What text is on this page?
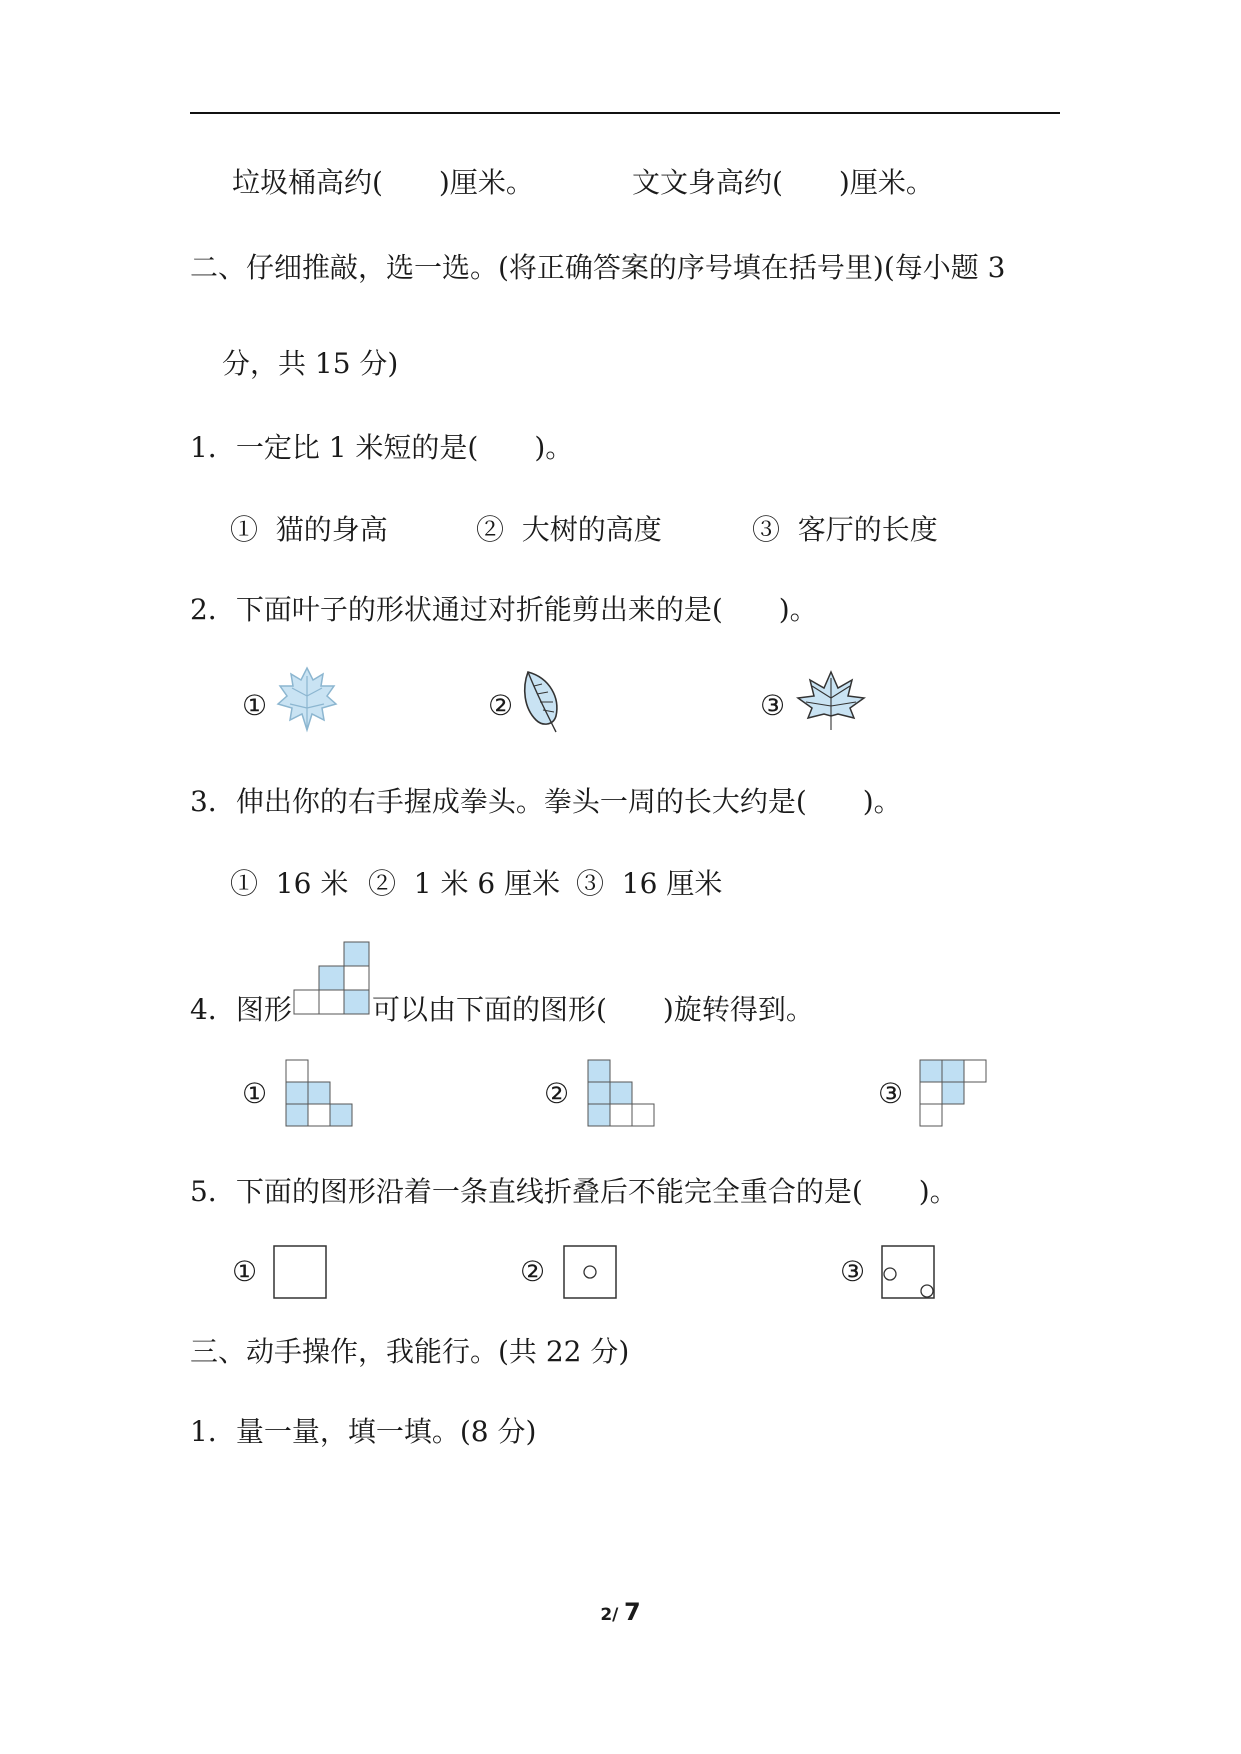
垃圾桶高约(　　)厘米。	文文身高约(　　)厘米。
二、仔细推敲，选一选。(将正确答案的序号填在括号里)(每小题 3
分，共 15 分)
1．一定比 1 米短的是(　　)。
①  猫的身高	②  大树的高度	③  客厅的长度
2．下面叶子的形状通过对折能剪出来的是(　　)。
①	②	③
3．伸出你的右手握成拳头。拳头一周的长大约是(　　)。
①  16 米 ②  1 米 6 厘米 ③  16 厘米
4．图形	可以由下面的图形(　　)旋转得到。
①	②	③
5．下面的图形沿着一条直线折叠后不能完全重合的是(　　)。
①	②	③
三、动手操作，我能行。(共 22 分)
1．量一量，填一填。(8 分)
2/ 7
